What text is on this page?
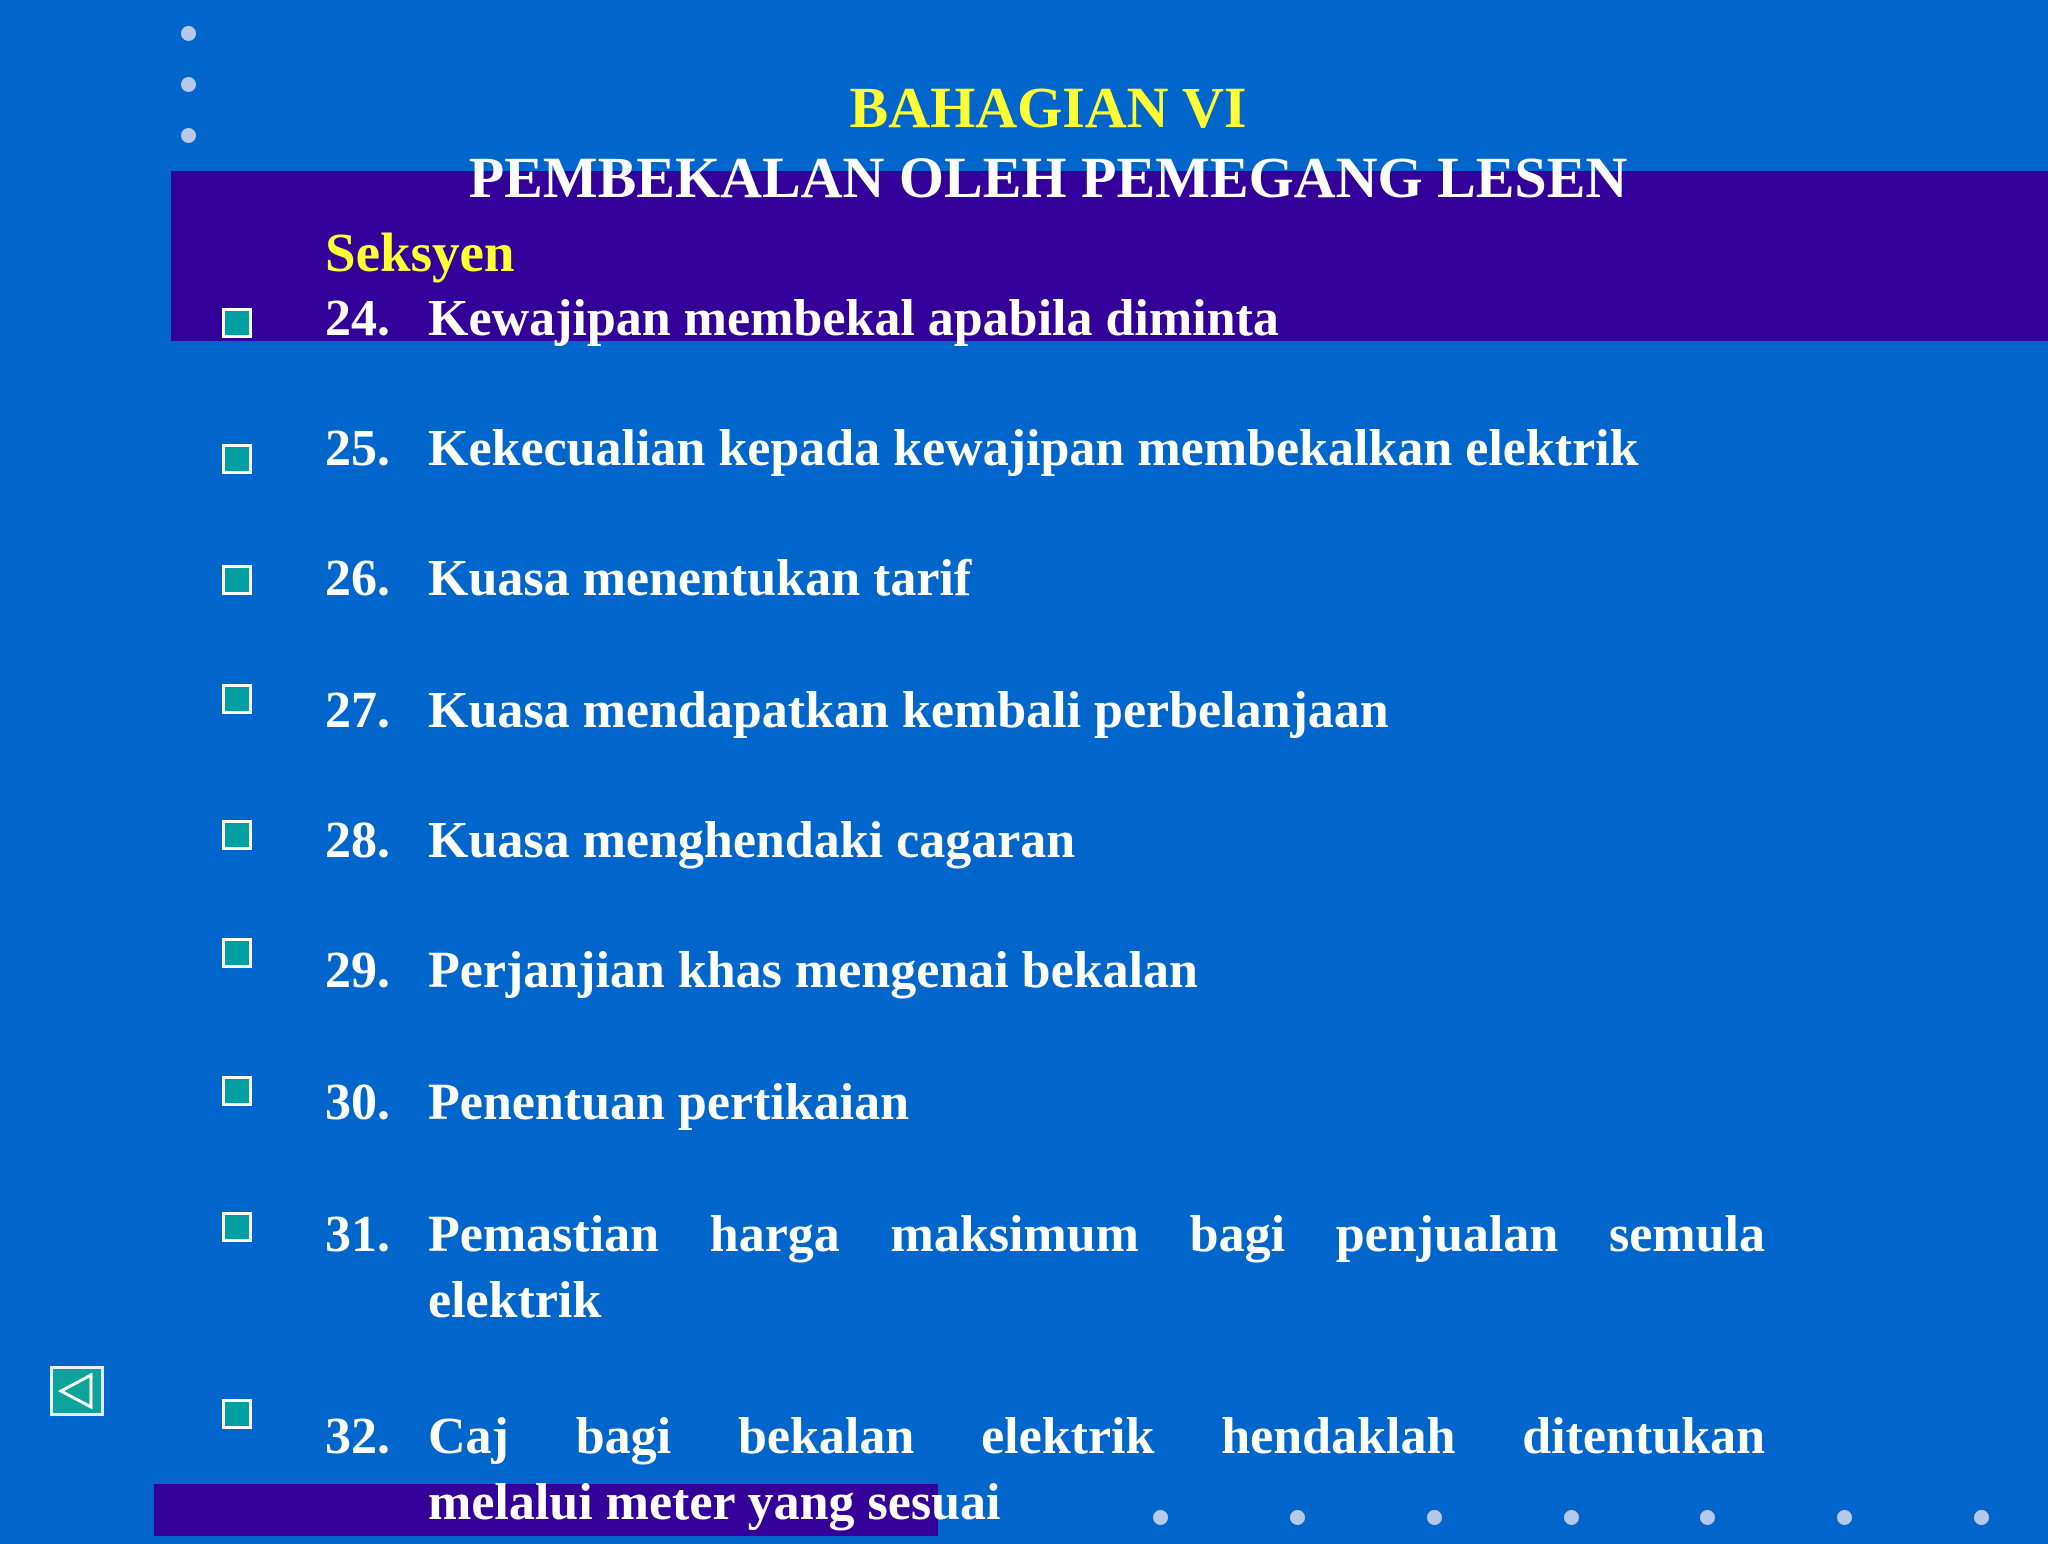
BAHAGIAN VI
PEMBEKALAN OLEH PEMEGANG LESEN
Seksyen
24. Kewajipan membekal apabila diminta
25. Kekecualian kepada kewajipan membekalkan elektrik
26. Kuasa menentukan tarif
27. Kuasa mendapatkan kembali perbelanjaan
28. Kuasa menghendaki cagaran
29. Perjanjian khas mengenai bekalan
30. Penentuan pertikaian
31. Pemastian harga maksimum bagi penjualan semula
elektrik
32. Caj bagi bekalan elektrik hendaklah ditentukan
melalui meter yang sesuai
